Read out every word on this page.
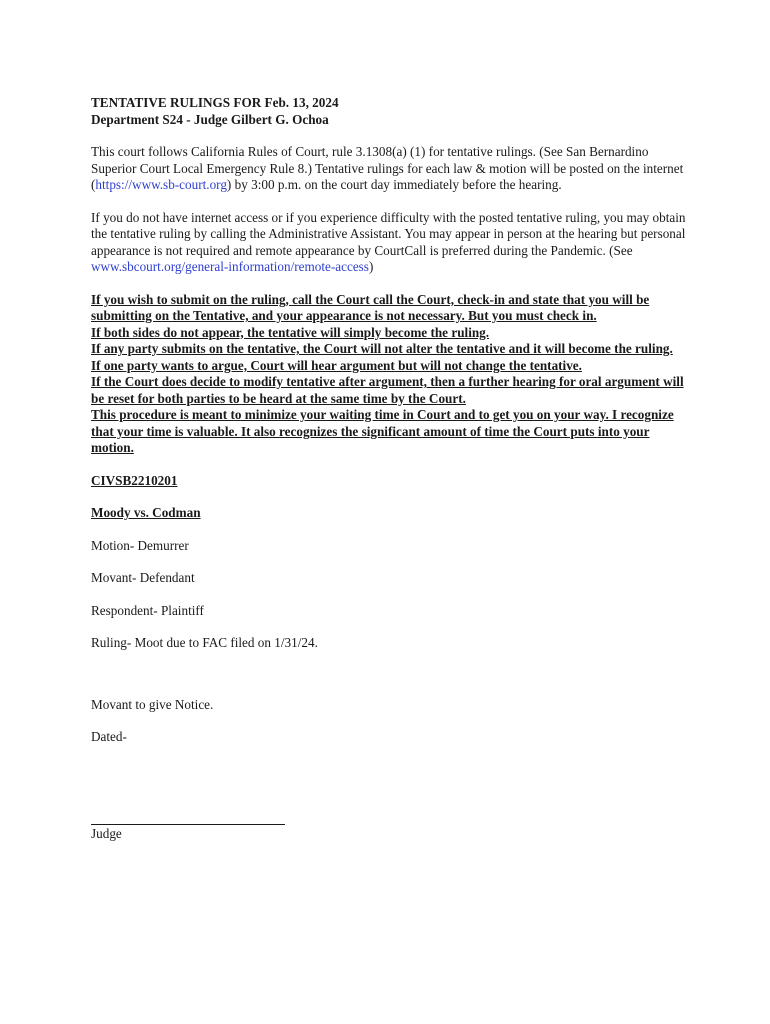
TENTATIVE RULINGS FOR Feb. 13, 2024
Department S24 - Judge Gilbert G. Ochoa

This court follows California Rules of Court, rule 3.1308(a) (1) for tentative rulings. (See San Bernardino Superior Court Local Emergency Rule 8.) Tentative rulings for each law & motion will be posted on the internet (https://www.sb-court.org) by 3:00 p.m. on the court day immediately before the hearing.

If you do not have internet access or if you experience difficulty with the posted tentative ruling, you may obtain the tentative ruling by calling the Administrative Assistant. You may appear in person at the hearing but personal appearance is not required and remote appearance by CourtCall is preferred during the Pandemic. (See www.sbcourt.org/general-information/remote-access)

If you wish to submit on the ruling, call the Court call the Court, check-in and state that you will be submitting on the Tentative, and your appearance is not necessary. But you must check in.
If both sides do not appear, the tentative will simply become the ruling.
If any party submits on the tentative, the Court will not alter the tentative and it will become the ruling.
If one party wants to argue, Court will hear argument but will not change the tentative.
If the Court does decide to modify tentative after argument, then a further hearing for oral argument will be reset for both parties to be heard at the same time by the Court.
This procedure is meant to minimize your waiting time in Court and to get you on your way. I recognize that your time is valuable. It also recognizes the significant amount of time the Court puts into your motion.

CIVSB2210201

Moody vs. Codman

Motion- Demurrer

Movant- Defendant

Respondent- Plaintiff

Ruling- Moot due to FAC filed on 1/31/24.

Movant to give Notice.

Dated-

Judge
